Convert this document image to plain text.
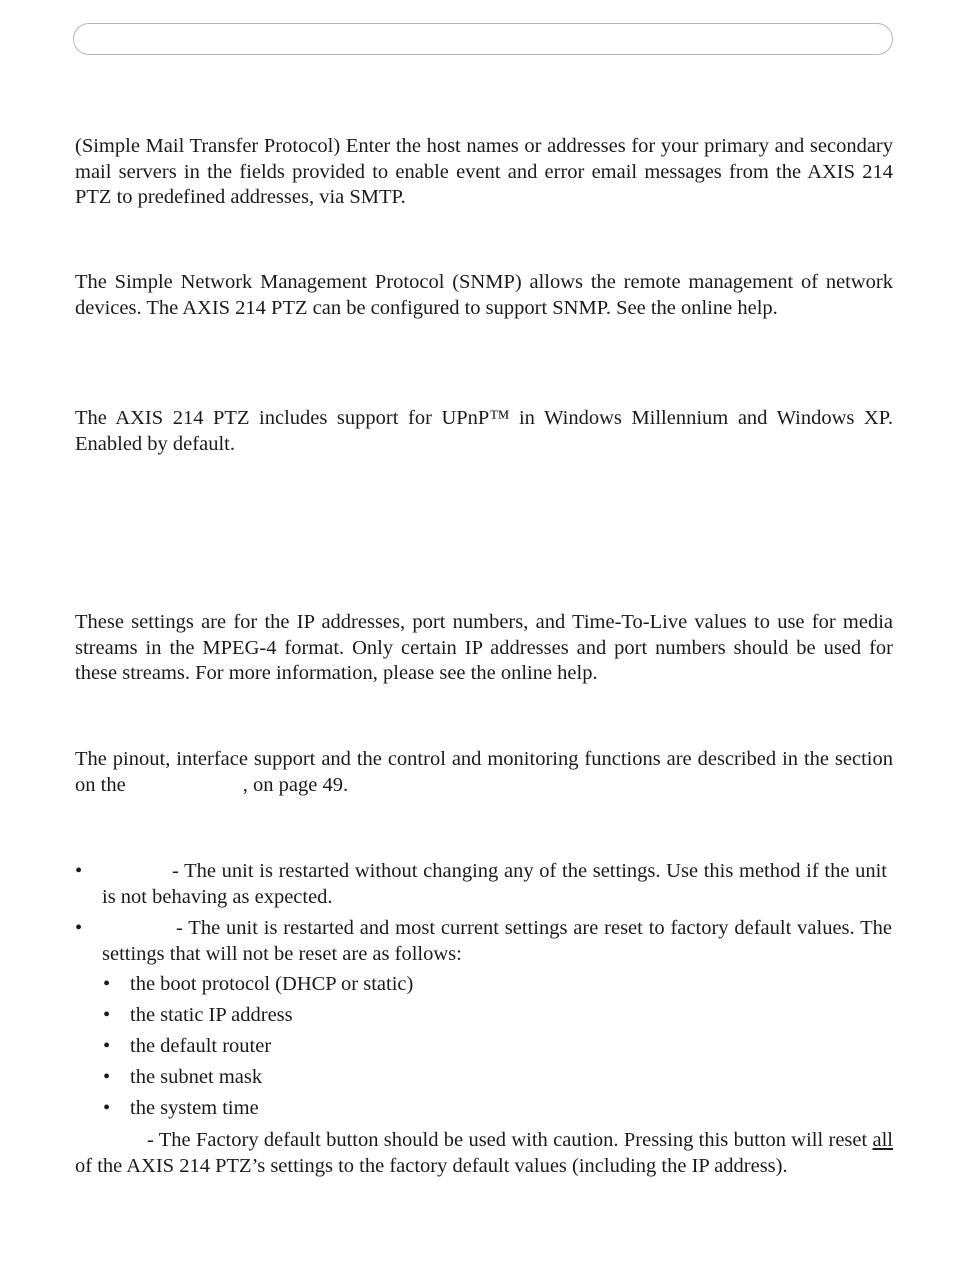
(Simple Mail Transfer Protocol) Enter the host names or addresses for your primary and secondary mail servers in the fields provided to enable event and error email messages from the AXIS 214 PTZ to predefined addresses, via SMTP.

The Simple Network Management Protocol (SNMP) allows the remote management of network devices. The AXIS 214 PTZ can be configured to support SNMP. See the online help.

The AXIS 214 PTZ includes support for UPnP™ in Windows Millennium and Windows XP. Enabled by default.

These settings are for the IP addresses, port numbers, and Time-To-Live values to use for media streams in the MPEG-4 format. Only certain IP addresses and port numbers should be used for these streams. For more information, please see the online help.

The pinout, interface support and the control and monitoring functions are described in the section on the	, on page 49.

•	- The unit is restarted without changing any of the settings. Use this method if the unit is not behaving as expected.

•	- The unit is restarted and most current settings are reset to factory default values. The settings that will not be reset are as follows:

• the boot protocol (DHCP or static)

• the static IP address

• the default router

• the subnet mask

• the system time

- The Factory default button should be used with caution. Pressing this button will reset all of the AXIS 214 PTZ’s settings to the factory default values (including the IP address).
